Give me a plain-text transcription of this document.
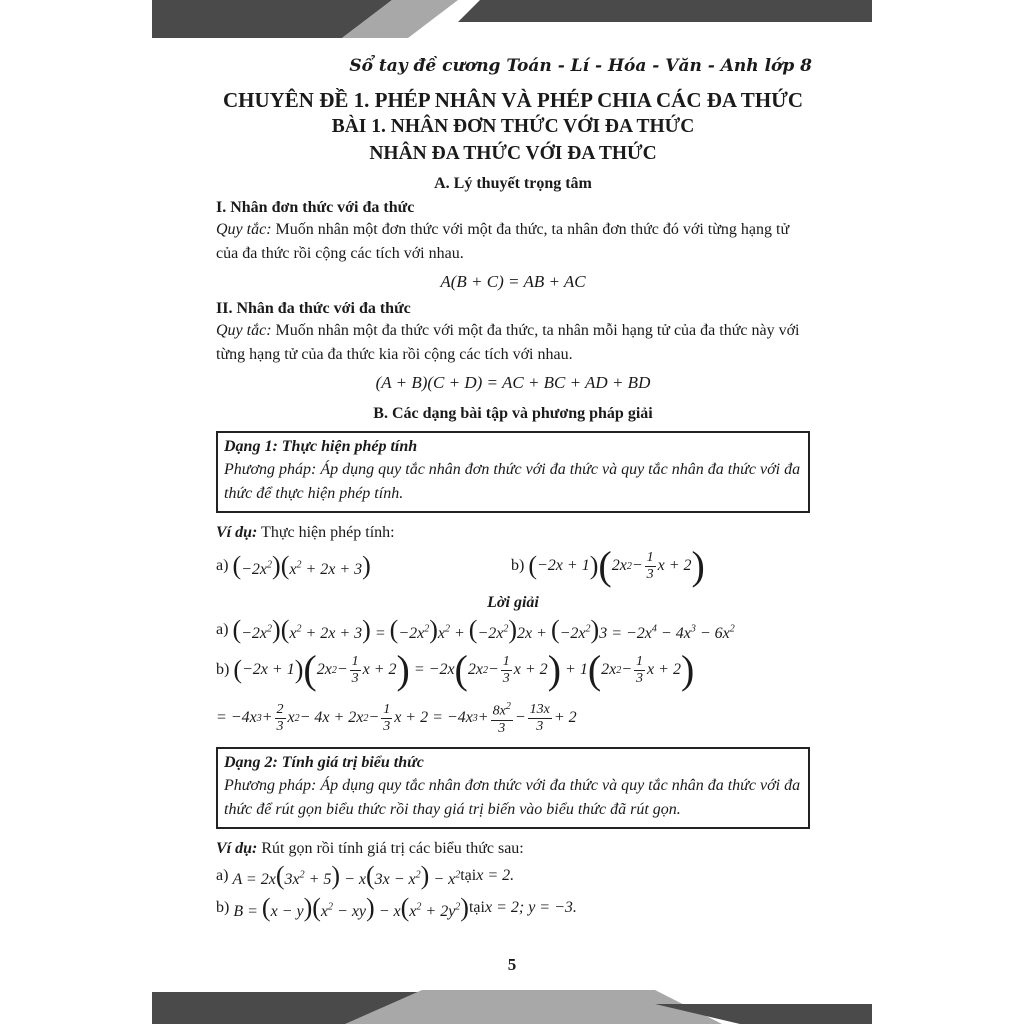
Sổ tay đề cương Toán - Lí - Hóa - Văn - Anh lớp 8
CHUYÊN ĐỀ 1. PHÉP NHÂN VÀ PHÉP CHIA CÁC ĐA THỨC
BÀI 1. NHÂN ĐƠN THỨC VỚI ĐA THỨC
NHÂN ĐA THỨC VỚI ĐA THỨC
A. Lý thuyết trọng tâm
I. Nhân đơn thức với đa thức

Quy tắc: Muốn nhân một đơn thức với một đa thức, ta nhân đơn thức đó với từng hạng tử của đa thức rồi cộng các tích với nhau.

A(B + C) = AB + AC
II. Nhân đa thức với đa thức

Quy tắc: Muốn nhân một đa thức với một đa thức, ta nhân mỗi hạng tử của đa thức này với từng hạng tử của đa thức kia rồi cộng các tích với nhau.

(A + B)(C + D) = AC + BC + AD + BD
B. Các dạng bài tập và phương pháp giải
Dạng 1: Thực hiện phép tính
Phương pháp: Áp dụng quy tắc nhân đơn thức với đa thức và quy tắc nhân đa thức với đa thức để thực hiện phép tính.
Ví dụ: Thực hiện phép tính:
a)
$(-2x^2)(x^2 + 2x + 3)$	b)
( −2x + 1 ) ( 2x $2 - \frac{1}{3}$ x + 2 )
Lời giải
a) $(-2x^2)(x^2 + 2x + 3) = (-2x^2)x^2 + (-2x^2)2x + (-2x^2)3 = -2x^4 - 4x^3 - 6x^2$
b) ( −2x + 1 ) ( 2x $2 - \frac{1}{3}$ x + 2 ) = −2x ( 2x $2 - \frac{1}{3}$ x + 2 ) + 1 ( 2x $2 - \frac{1}{3}$ x + 2 )
= −4x $3 + \frac{2}{3}$ x 2 − 4x + 2x $2 - \frac{1}{3}$ x + 2 = −4x $3 + \frac{8x^2}{3} - \frac{13x}{3} + 2$
Dạng 2: Tính giá trị biểu thức
Phương pháp: Áp dụng quy tắc nhân đơn thức với đa thức và quy tắc nhân đa thức với đa thức để rút gọn biểu thức rồi thay giá trị biến vào biểu thức đã rút gọn.
Ví dụ: Rút gọn rồi tính giá trị các biểu thức sau:
a)
$A = 2x(3x^2 + 5) - x(3x - x^2) - x^2$ tại x = 2.
b)
$B = (x - y)(x^2 - xy) - x(x^2 + 2y^2)$ tại x = 2; y = −3.
5
